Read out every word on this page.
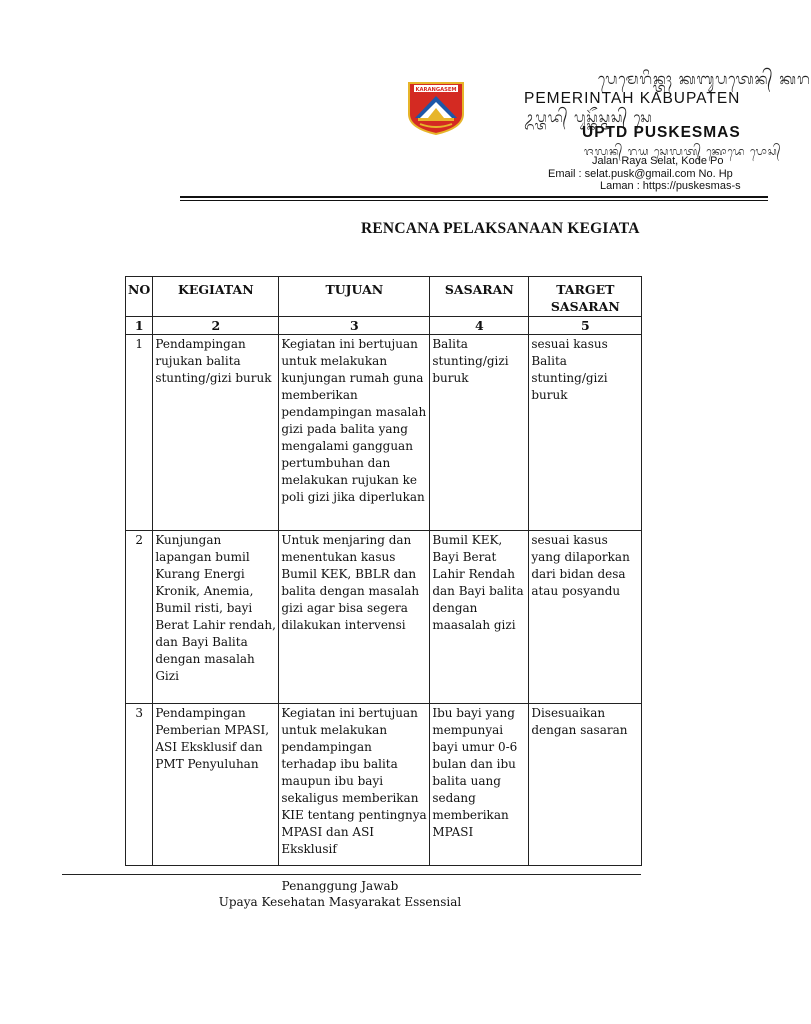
KARANGASEM
ᬧᬾᬫᬾᬭᬶᬦ᭄ᬢᬄ ᬓᬩᬸᬧᬢᬾᬦ᭄ ᬓᬭ
PEMERINTAH KABUPATEN
ᬉᬧ᭄ᬢᬤ᭄ ᬧᬸᬲ᭄ᬓᭂᬲ᭄ᬫᬲ᭄ ᬲᬾ
UPTD PUSKESMAS
ᬚᬮᬦ᭄ ᬭᬬ ᬲᬾᬮᬢ᭄ ᬓᭀᬤᬾ ᬧᭀᬲ᭄
Jalan Raya Selat, Kode Po
Email : selat.pusk@gmail.com No. Hp
Laman : https://puskesmas-s
RENCANA PELAKSANAAN KEGIATA
NO	KEGIATAN	TUJUAN	SASARAN	TARGET SASARAN
1	2	3	4	5
1	Pendampingan rujukan balita stunting/gizi buruk	Kegiatan ini bertujuan untuk melakukan kunjungan rumah guna memberikan pendampingan masalah gizi pada balita yang mengalami gangguan pertumbuhan dan melakukan rujukan ke poli gizi jika diperlukan	Balita stunting/gizi buruk	sesuai kasus Balita stunting/gizi buruk
2	Kunjungan lapangan bumil Kurang Energi Kronik, Anemia, Bumil risti, bayi Berat Lahir rendah, dan Bayi Balita dengan masalah Gizi	Untuk menjaring dan menentukan kasus Bumil KEK, BBLR dan balita dengan masalah gizi agar bisa segera dilakukan intervensi	Bumil KEK, Bayi Berat Lahir Rendah dan Bayi balita dengan maasalah gizi	sesuai kasus yang dilaporkan dari bidan desa atau posyandu
3	Pendampingan Pemberian MPASI, ASI Eksklusif dan PMT Penyuluhan	Kegiatan ini bertujuan untuk melakukan pendampingan terhadap ibu balita maupun ibu bayi sekaligus memberikan KIE tentang pentingnya MPASI dan ASI Eksklusif	Ibu bayi yang mempunyai bayi umur 0-6 bulan dan ibu balita uang sedang memberikan MPASI	Disesuaikan dengan sasaran
Penanggung Jawab
Upaya Kesehatan Masyarakat Essensial
